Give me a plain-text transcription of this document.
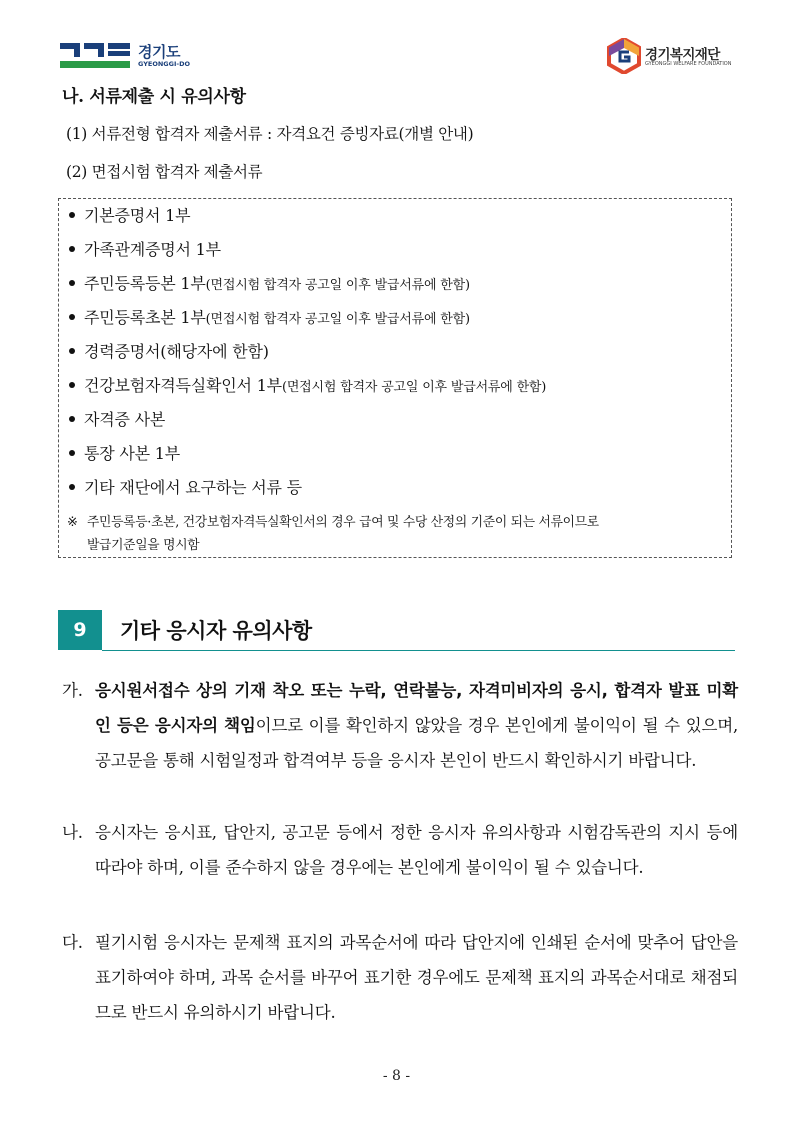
경기도
GYEONGGI-DO
경기복지재단
GYEONGGI WELFARE FOUNDATION
나. 서류제출 시 유의사항
(1) 서류전형 합격자 제출서류 : 자격요건 증빙자료(개별 안내)
(2) 면접시험 합격자 제출서류
기본증명서 1부
가족관계증명서 1부
주민등록등본 1부(면접시험 합격자 공고일 이후 발급서류에 한함)
주민등록초본 1부(면접시험 합격자 공고일 이후 발급서류에 한함)
경력증명서(해당자에 한함)
건강보험자격득실확인서 1부(면접시험 합격자 공고일 이후 발급서류에 한함)
자격증 사본
통장 사본 1부
기타 재단에서 요구하는 서류 등
※ 주민등록등·초본, 건강보험자격득실확인서의 경우 급여 및 수당 산정의 기준이 되는 서류이므로
발급기준일을 명시함
9	기타 응시자 유의사항
가. 응시원서접수 상의 기재 착오 또는 누락, 연락불능, 자격미비자의 응시, 합격자 발표 미확인 등은 응시자의 책임이므로 이를 확인하지 않았을 경우 본인에게 불이익이 될 수 있으며, 공고문을 통해 시험일정과 합격여부 등을 응시자 본인이 반드시 확인하시기 바랍니다.
나. 응시자는 응시표, 답안지, 공고문 등에서 정한 응시자 유의사항과 시험감독관의 지시 등에 따라야 하며, 이를 준수하지 않을 경우에는 본인에게 불이익이 될 수 있습니다.
다. 필기시험 응시자는 문제책 표지의 과목순서에 따라 답안지에 인쇄된 순서에 맞추어 답안을 표기하여야 하며, 과목 순서를 바꾸어 표기한 경우에도 문제책 표지의 과목순서대로 채점되므로 반드시 유의하시기 바랍니다.
- 8 -
